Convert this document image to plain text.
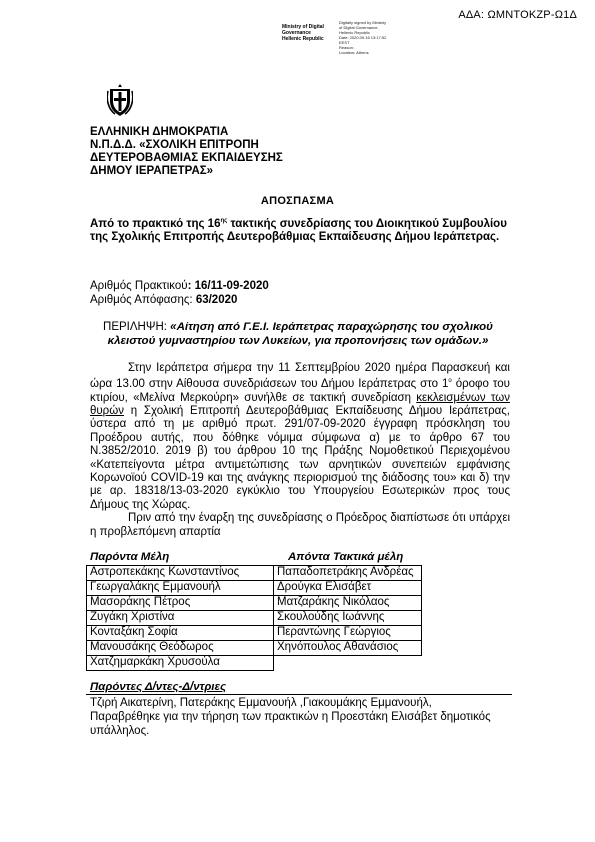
ΑΔΑ: ΩΜΝΤΟΚΖΡ-Ω1Δ
Ministry of Digital
Governance
Hellenic Republic
Digitally signed by Ministry
of Digital Governance,
Hellenic Republic
Date: 2020.09.16 13:17:52
EEST
Reason:
Location: Athens
ΕΛΛΗΝΙΚΗ ΔΗΜΟΚΡΑΤΙΑ
Ν.Π.Δ.Δ. «ΣΧΟΛΙΚΗ ΕΠΙΤΡΟΠΗ
ΔΕΥΤΕΡΟΒΑΘΜΙΑΣ ΕΚΠΑΙΔΕΥΣΗΣ
ΔΗΜΟΥ ΙΕΡΑΠΕΤΡΑΣ»
ΑΠΟΣΠΑΣΜΑ
Από το πρακτικό της $16^{\eta\varsigma}$ τακτικής συνεδρίασης του Διοικητικού Συμβουλίου της Σχολικής Επιτροπής Δευτεροβάθμιας Εκπαίδευσης Δήμου Ιεράπετρας.
Αριθμός Πρακτικού: 16/11-09-2020
Αριθμός Απόφασης: 63/2020
ΠΕΡΙΛΗΨΗ: «Αίτηση από Γ.Ε.Ι. Ιεράπετρας παραχώρησης του σχολικού κλειστού γυμναστηρίου των Λυκείων, για προπονήσεις των ομάδων.»

Στην Ιεράπετρα σήμερα την 11 Σεπτεμβρίου 2020 ημέρα Παρασκευή και ώρα 13.00 στην Αίθουσα συνεδριάσεων του Δήμου Ιεράπετρας στο $1^o$ όροφο του κτιρίου, «Μελίνα Μερκούρη» συνήλθε σε τακτική συνεδρίαση κεκλεισμένων των θυρών η Σχολική Επιτροπή Δευτεροβάθμιας Εκπαίδευσης Δήμου Ιεράπετρας, ύστερα από τη με αριθμό πρωτ. 291/07-09-2020 έγγραφη πρόσκληση του Προέδρου αυτής, που δόθηκε νόμιμα σύμφωνα α) με το άρθρο 67 του Ν.3852/2010. 2019 β) του άρθρου 10 της Πράξης Νομοθετικού Περιεχομένου «Κατεπείγοντα μέτρα αντιμετώπισης των αρνητικών συνεπειών εμφάνισης Κορωνοϊού COVID-19 και της ανάγκης περιορισμού της διάδοσης του» και δ) την με αρ. 18318/13-03-2020 εγκύκλιο του Υπουργείου Εσωτερικών προς τους Δήμους της Χώρας.

Πριν από την έναρξη της συνεδρίασης ο Πρόεδρος διαπίστωσε ότι υπάρχει η προβλεπόμενη απαρτία

Παρόντα Μέλη	Απόντα Τακτικά μέλη
Αστροπεκάκης Κωνσταντίνος	Παπαδοπετράκης Ανδρέας
Γεωργαλάκης Εμμανουήλ	Δρούγκα Ελισάβετ
Μασοράκης Πέτρος	Ματζαράκης Νικόλαος
Ζυγάκη Χριστίνα	Σκουλούδης Ιωάννης
Κονταξάκη Σοφία	Περαντώνης Γεώργιος
Μανουσάκης Θεόδωρος	Χηνόπουλος Αθανάσιος
Χατζημαρκάκη Χρυσούλα	
Παρόντες Δ/ντες-Δ/ντριες
Τζιρή Αικατερίνη, Πατεράκης Εμμανουήλ ,Γιακουμάκης Εμμανουήλ, Παραβρέθηκε για την τήρηση των πρακτικών η Προεστάκη Ελισάβετ δημοτικός υπάλληλος.
